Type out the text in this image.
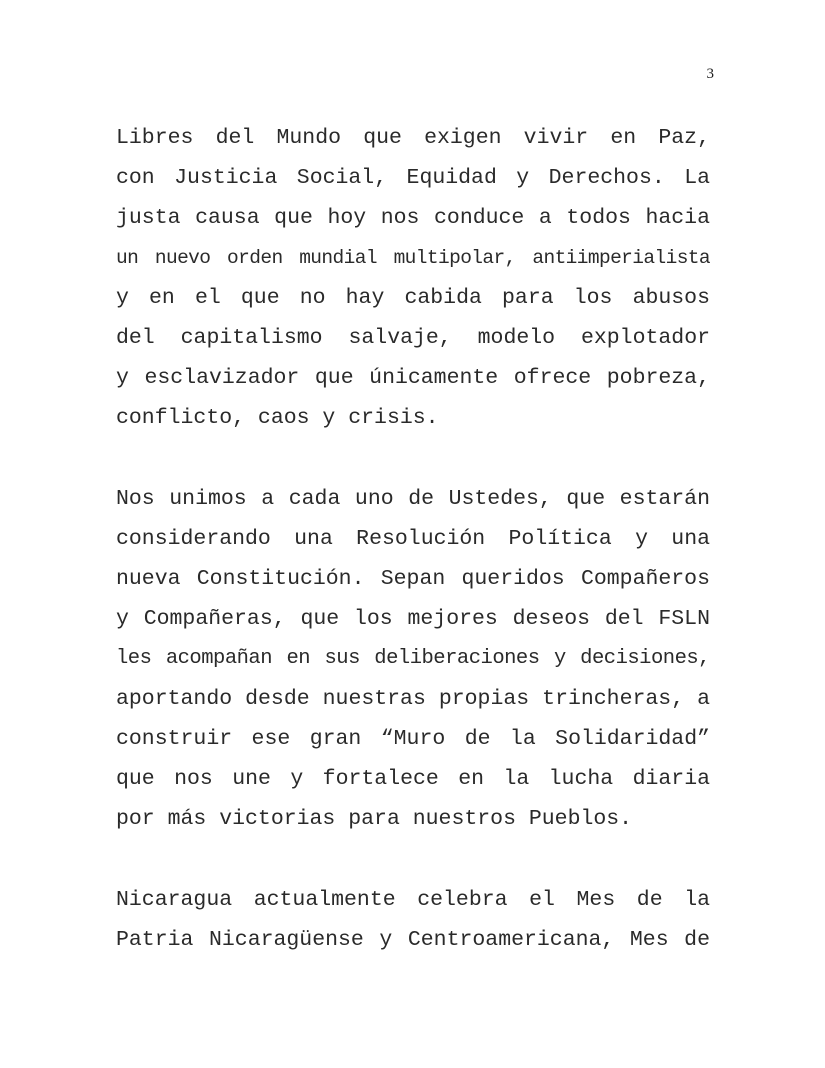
3
Libres del Mundo que exigen vivir en Paz,
con Justicia Social, Equidad y Derechos. La
justa causa que hoy nos conduce a todos hacia
un nuevo orden mundial multipolar, antiimperialista
y en el que no hay cabida para los abusos
del capitalismo salvaje, modelo explotador
y esclavizador que únicamente ofrece pobreza,
conflicto, caos y crisis.
Nos unimos a cada uno de Ustedes, que estarán
considerando una Resolución Política y una
nueva Constitución. Sepan queridos Compañeros
y Compañeras, que los mejores deseos del FSLN
les acompañan en sus deliberaciones y decisiones,
aportando desde nuestras propias trincheras, a
construir ese gran “Muro de la Solidaridad”
que nos une y fortalece en la lucha diaria
por más victorias para nuestros Pueblos.
Nicaragua actualmente celebra el Mes de la
Patria Nicaragüense y Centroamericana, Mes de
